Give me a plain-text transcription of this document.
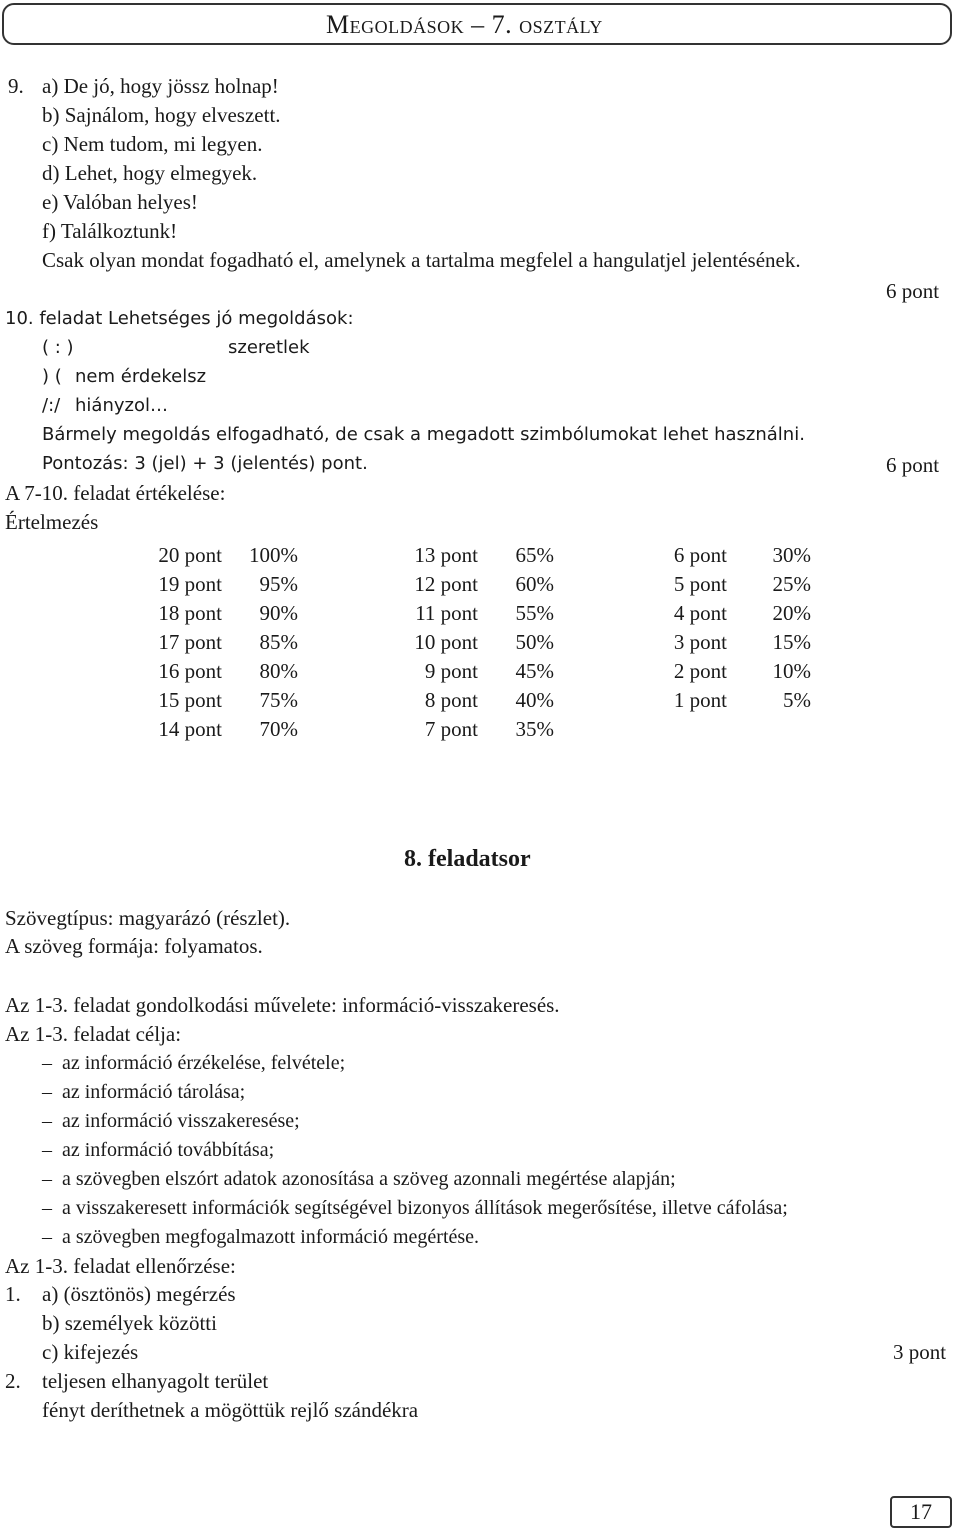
Megoldások – 7. osztály
9. a) De jó, hogy jössz holnap!
b) Sajnálom, hogy elveszett.
c) Nem tudom, mi legyen.
d) Lehet, hogy elmegyek.
e) Valóban helyes!
f) Találkoztunk!
Csak olyan mondat fogadható el, amelynek a tartalma megfelel a hangulatjel jelentésének.
6 pont
10. feladat Lehetséges jó megoldások:
( : )	szeretlek
) ( nem érdekelsz
/:/ hiányzol…
Bármely megoldás elfogadható, de csak a megadott szimbólumokat lehet használni.
Pontozás: 3 (jel) + 3 (jelentés) pont.	6 pont
A 7-10. feladat értékelése:
Értelmezés
20 pont	100%
19 pont	95%
18 pont	90%
17 pont	85%
16 pont	80%
15 pont	75%
14 pont	70%
13 pont	65%
12 pont	60%
11 pont	55%
10 pont	50%
9 pont	45%
8 pont	40%
7 pont	35%
6 pont	30%
5 pont	25%
4 pont	20%
3 pont	15%
2 pont	10%
1 pont	5%
8. feladatsor
Szövegtípus: magyarázó (részlet).
A szöveg formája: folyamatos.
Az 1-3. feladat gondolkodási művelete: információ-visszakeresés.
Az 1-3. feladat célja:
– az információ érzékelése, felvétele;
– az információ tárolása;
– az információ visszakeresése;
– az információ továbbítása;
– a szövegben elszórt adatok azonosítása a szöveg azonnali megértése alapján;
– a visszakeresett információk segítségével bizonyos állítások megerősítése, illetve cáfolása;
– a szövegben megfogalmazott információ megértése.
Az 1-3. feladat ellenőrzése:
1. a) (ösztönös) megérzés
b) személyek közötti
c) kifejezés	3 pont
2. teljesen elhanyagolt terület
fényt deríthetnek a mögöttük rejlő szándékra
17
